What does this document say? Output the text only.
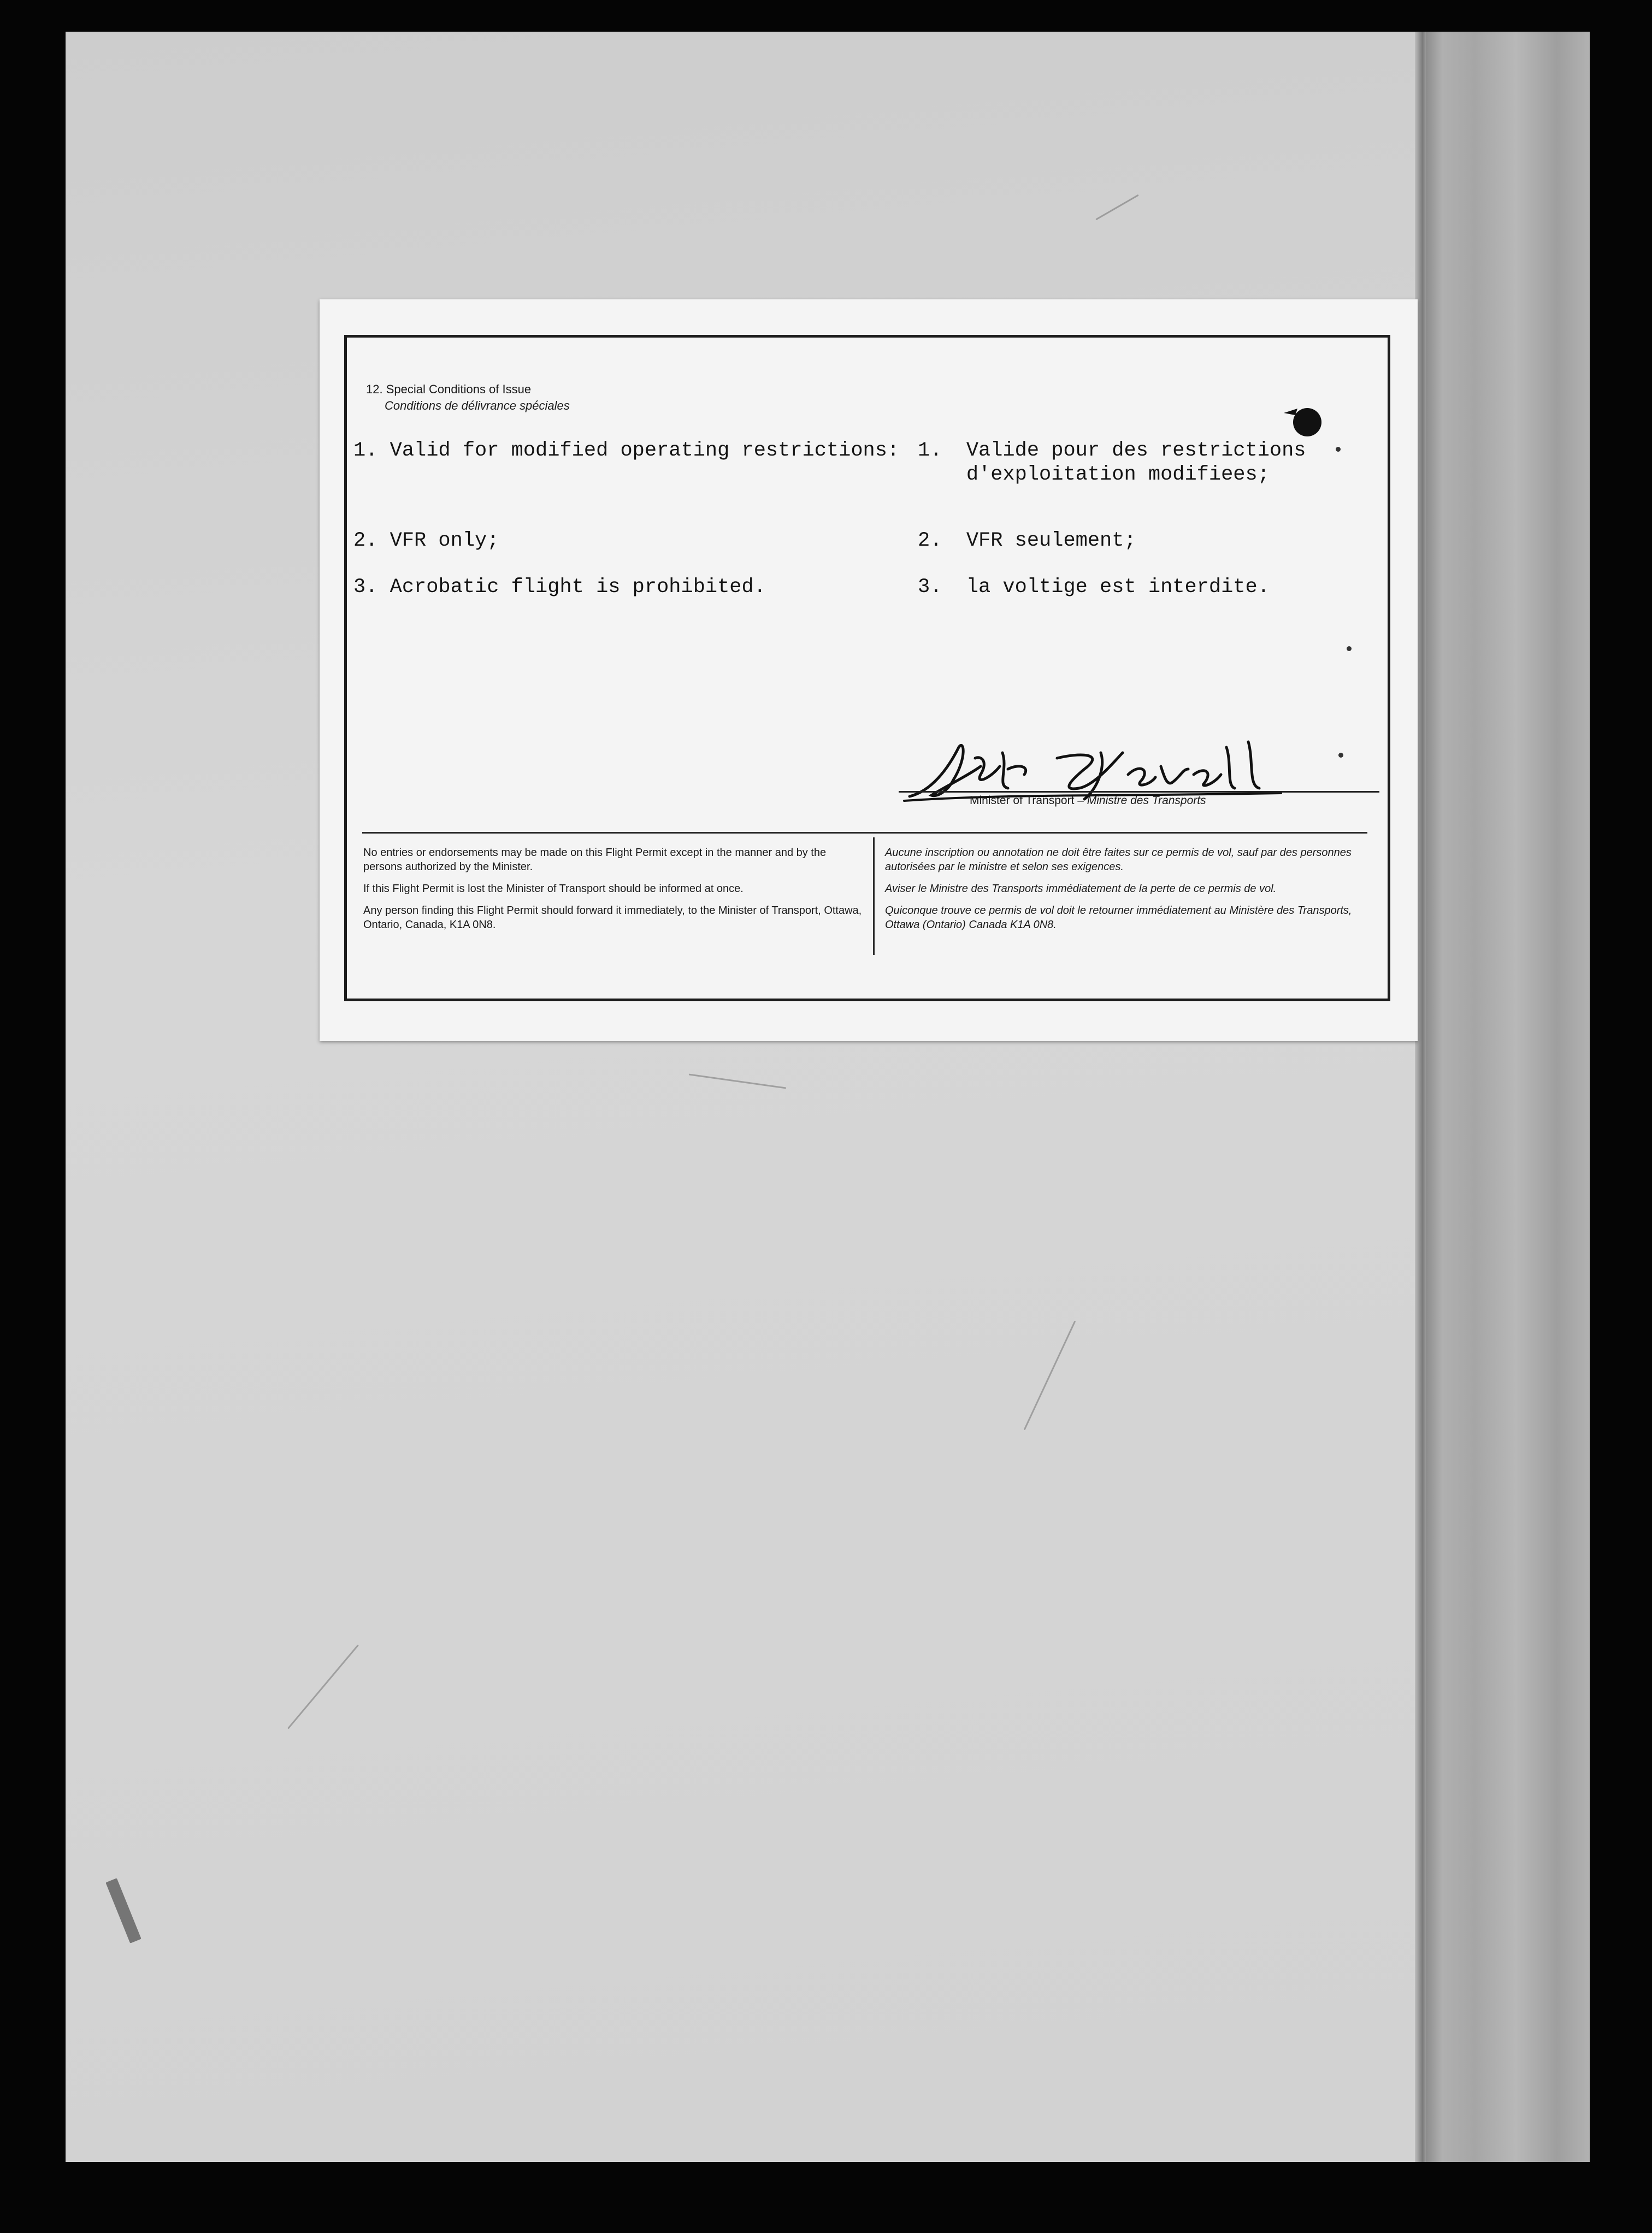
12. Special Conditions of Issue
Conditions de délivrance spéciales
1. Valid for modified operating restrictions:
2. VFR only;
3. Acrobatic flight is prohibited.
1.  Valide pour des restrictions
d'exploitation modifiees;
2.  VFR seulement;
3.  la voltige est interdite.
Minister of Transport – Ministre des Transports

No entries or endorsements may be made on this Flight Permit except in the manner and by the persons authorized by the Minister.

If this Flight Permit is lost the Minister of Transport should be informed at once.

Any person finding this Flight Permit should forward it immediately, to the Minister of Transport, Ottawa, Ontario, Canada, K1A 0N8.

Aucune inscription ou annotation ne doit être faites sur ce permis de vol, sauf par des personnes autorisées par le ministre et selon ses exigences.

Aviser le Ministre des Transports immédiatement de la perte de ce permis de vol.

Quiconque trouve ce permis de vol doit le retourner immédiatement au Ministère des Transports, Ottawa (Ontario) Canada K1A 0N8.
